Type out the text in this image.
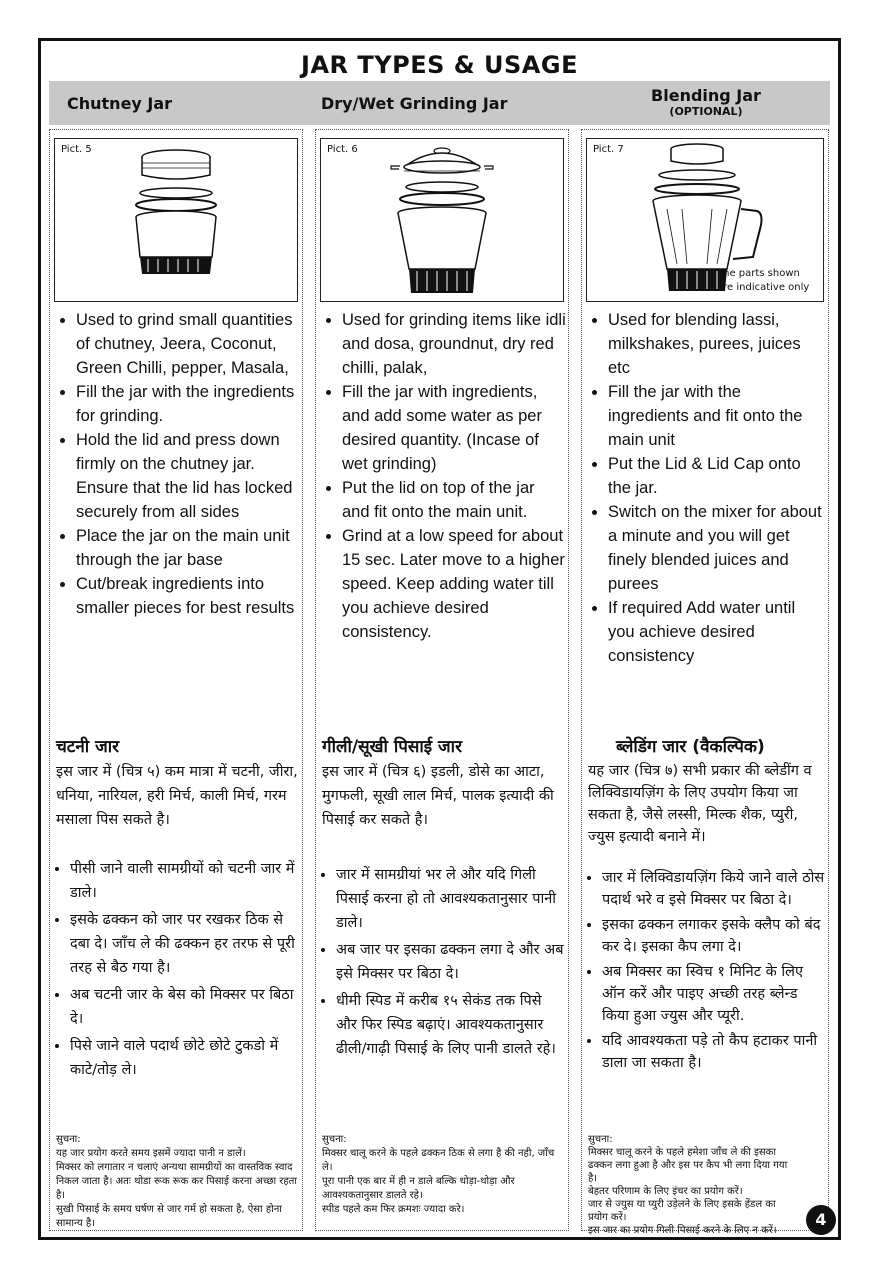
JAR TYPES & USAGE
Chutney Jar	Dry/Wet Grinding Jar	Blending Jar
(OPTIONAL)
Pict. 5
• Used to grind small quantities of chutney, Jeera, Coconut, Green Chilli, pepper, Masala,
• Fill the jar with the ingredients for grinding.
• Hold the lid and press down firmly on the chutney jar. Ensure that the lid has locked securely from all sides
• Place the jar on the main unit through the jar base
• Cut/break ingredients into smaller pieces for best results
चटनी जार
इस जार में (चित्र ५) कम मात्रा में चटनी, जीरा, धनिया, नारियल, हरी मिर्च, काली मिर्च, गरम मसाला पिस सकते है।
• पीसी जाने वाली सामग्रीयों को चटनी जार में डाले।
• इसके ढक्कन को जार पर रखकर ठिक से दबा दे। जाँच ले की ढक्कन हर तरफ से पूरी तरह से बैठ गया है।
• अब चटनी जार के बेस को मिक्सर पर बिठा दे।
• पिसे जाने वाले पदार्थ छोटे छोटे टुकडो में काटे/तोड़ ले।
सुचना:
यह जार प्रयोग करते समय इसमें ज्यादा पानी न डालें।
मिक्सर को लगातार न चलाएं अन्यथा सामग्रीयों का वास्तविक स्वाद निकल जाता है। अतः थोडा रूक रूक कर पिसाई करना अच्छा रहता है।
सुखी पिसाई के समय घर्षण से जार गर्म हो सकता है, ऐसा होना सामान्य है।
Pict. 6
• Used for grinding items like idli and dosa, groundnut, dry red chilli, palak,
• Fill the jar with ingredients, and add some water as per desired quantity. (Incase of wet grinding)
• Put the lid on top of the jar and fit onto the main unit.
• Grind at a low speed for about 15 sec. Later move to a higher speed. Keep adding water till you achieve desired consistency.
गीली/सूखी पिसाई जार
इस जार में (चित्र ६) इडली, डोसे का आटा, मुगफली, सूखी लाल मिर्च, पालक इत्यादी की पिसाई कर सकते है।
• जार में सामग्रीयां भर ले और यदि गिली पिसाई करना हो तो आवश्यकतानुसार पानी डाले।
• अब जार पर इसका ढक्कन लगा दे और अब इसे मिक्सर पर बिठा दे।
• धीमी स्पिड में करीब १५ सेकंड तक पिसे और फिर स्पिड बढ़ाएं। आवश्यकतानुसार ढीली/गाढ़ी पिसाई के लिए पानी डालते रहे।
सुचना:
मिक्सर चालू करने के पहले ढक्कन ठिक से लगा है की नही, जाँच ले।
पूरा पानी एक बार में ही न डाले बल्कि थोड़ा-थोड़ा और आवश्यकतानुसार डालते रहे।
स्पीड पहले कम फिर क्रमशः ज्यादा करे।
Pict. 7
The parts shown are indicative only
• Used for blending lassi, milkshakes, purees, juices etc
• Fill the jar with the ingredients and fit onto the main unit
• Put the Lid & Lid Cap onto the jar.
• Switch on the mixer for about a minute and you will get finely blended juices and purees
• If required Add water until you achieve desired consistency
ब्लेडिंग जार (वैकल्पिक)
यह जार (चित्र ७) सभी प्रकार की ब्लेडींग व लिक्विडायज़िंग के लिए उपयोग किया जा सकता है, जैसे लस्सी, मिल्क शैक, प्युरी, ज्युस इत्यादी बनाने में।
• जार में लिक्विडायज़िंग किये जाने वाले ठोस पदार्थ भरे व इसे मिक्सर पर बिठा दे।
• इसका ढक्कन लगाकर इसके क्लैप को बंद कर दे। इसका कैप लगा दे।
• अब मिक्सर का स्विच १ मिनिट के लिए ऑन करें और पाइए अच्छी तरह ब्लेन्ड किया हुआ ज्युस और प्यूरी.
• यदि आवश्यकता पड़े तो कैप हटाकर पानी डाला जा सकता है।
सुचना:
मिक्सर चालू करने के पहले हमेशा जाँच ले की इसका ढक्कन लगा हुआ है और इस पर कैप भी लगा दिया गया है।
बेहतर परिणाम के लिए इंचर का प्रयोग करें।
जार से ज्युस या प्युरी उड़ेलने के लिए इसके हेंडल का प्रयोग करें।
इस जार का प्रयोग गिली पिसाई करने के लिए न करें।
4
